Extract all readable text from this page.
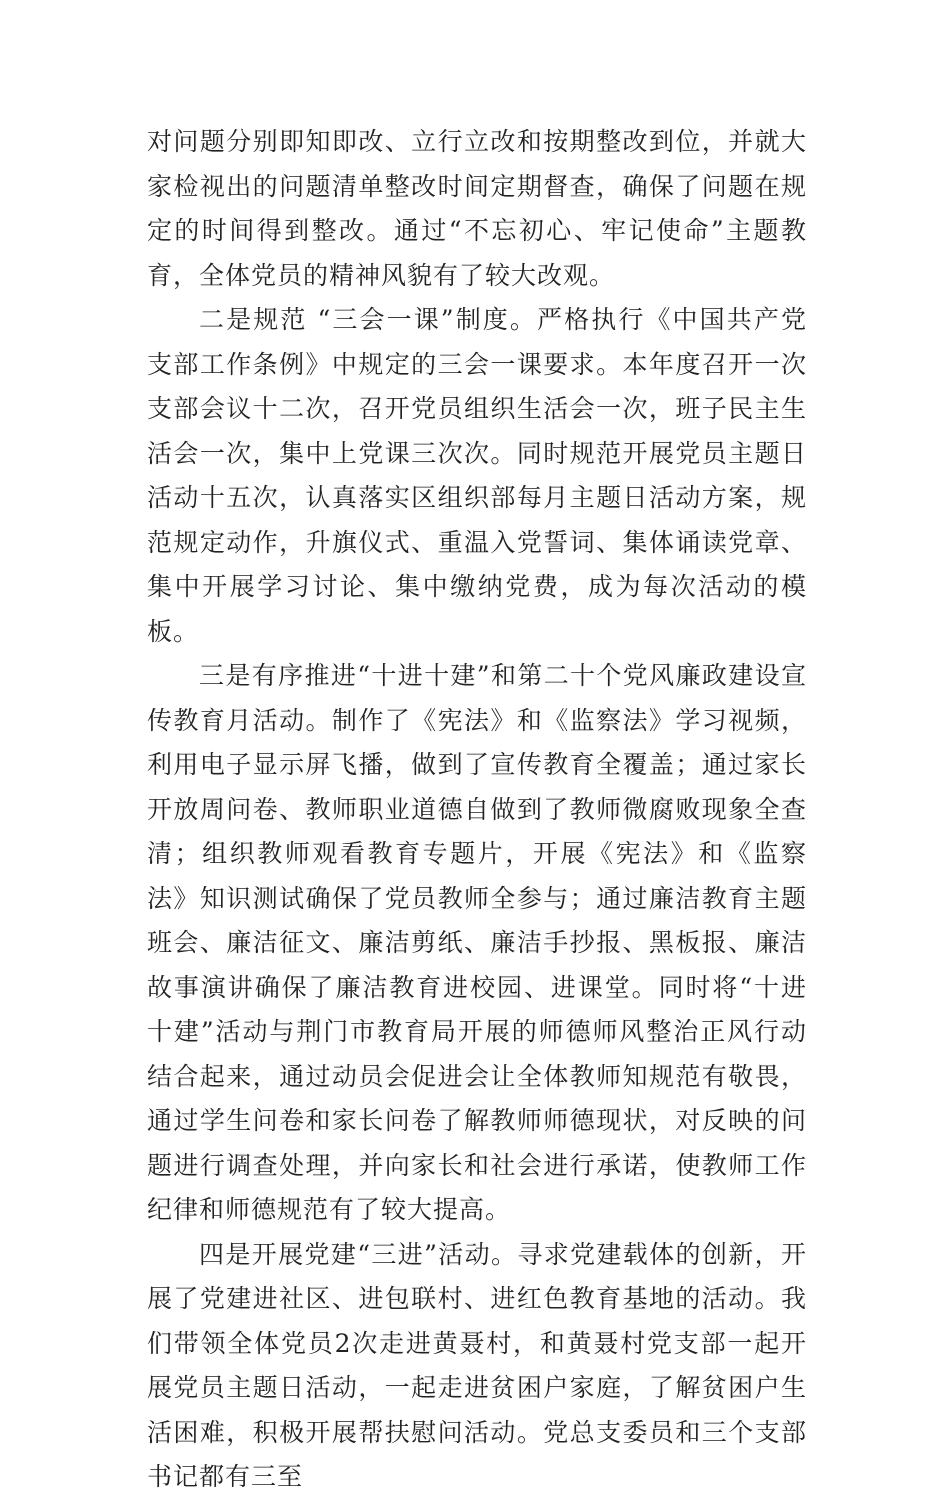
对问题分别即知即改、立行立改和按期整改到位，并就大家检视出的问题清单整改时间定期督查，确保了问题在规定的时间得到整改。通过“不忘初心、牢记使命”主题教育，全体党员的精神风貌有了较大改观。

二是规范 “三会一课”制度。严格执行《中国共产党支部工作条例》中规定的三会一课要求。本年度召开一次支部会议十二次，召开党员组织生活会一次，班子民主生活会一次，集中上党课三次次。同时规范开展党员主题日活动十五次，认真落实区组织部每月主题日活动方案，规范规定动作，升旗仪式、重温入党誓词、集体诵读党章、集中开展学习讨论、集中缴纳党费，成为每次活动的模板。

三是有序推进“十进十建”和第二十个党风廉政建设宣传教育月活动。制作了《宪法》和《监察法》学习视频，利用电子显示屏飞播，做到了宣传教育全覆盖；通过家长开放周问卷、教师职业道德自做到了教师微腐败现象全查清；组织教师观看教育专题片，开展《宪法》和《监察法》知识测试确保了党员教师全参与；通过廉洁教育主题班会、廉洁征文、廉洁剪纸、廉洁手抄报、黑板报、廉洁故事演讲确保了廉洁教育进校园、进课堂。同时将“十进十建”活动与荆门市教育局开展的师德师风整治正风行动结合起来，通过动员会促进会让全体教师知规范有敬畏，通过学生问卷和家长问卷了解教师师德现状，对反映的问题进行调查处理，并向家长和社会进行承诺，使教师工作纪律和师德规范有了较大提高。

四是开展党建“三进”活动。寻求党建载体的创新，开展了党建进社区、进包联村、进红色教育基地的活动。我们带领全体党员2次走进黄聂村，和黄聂村党支部一起开展党员主题日活动，一起走进贫困户家庭，了解贫困户生活困难，积极开展帮扶慰问活动。党总支委员和三个支部书记都有三至
